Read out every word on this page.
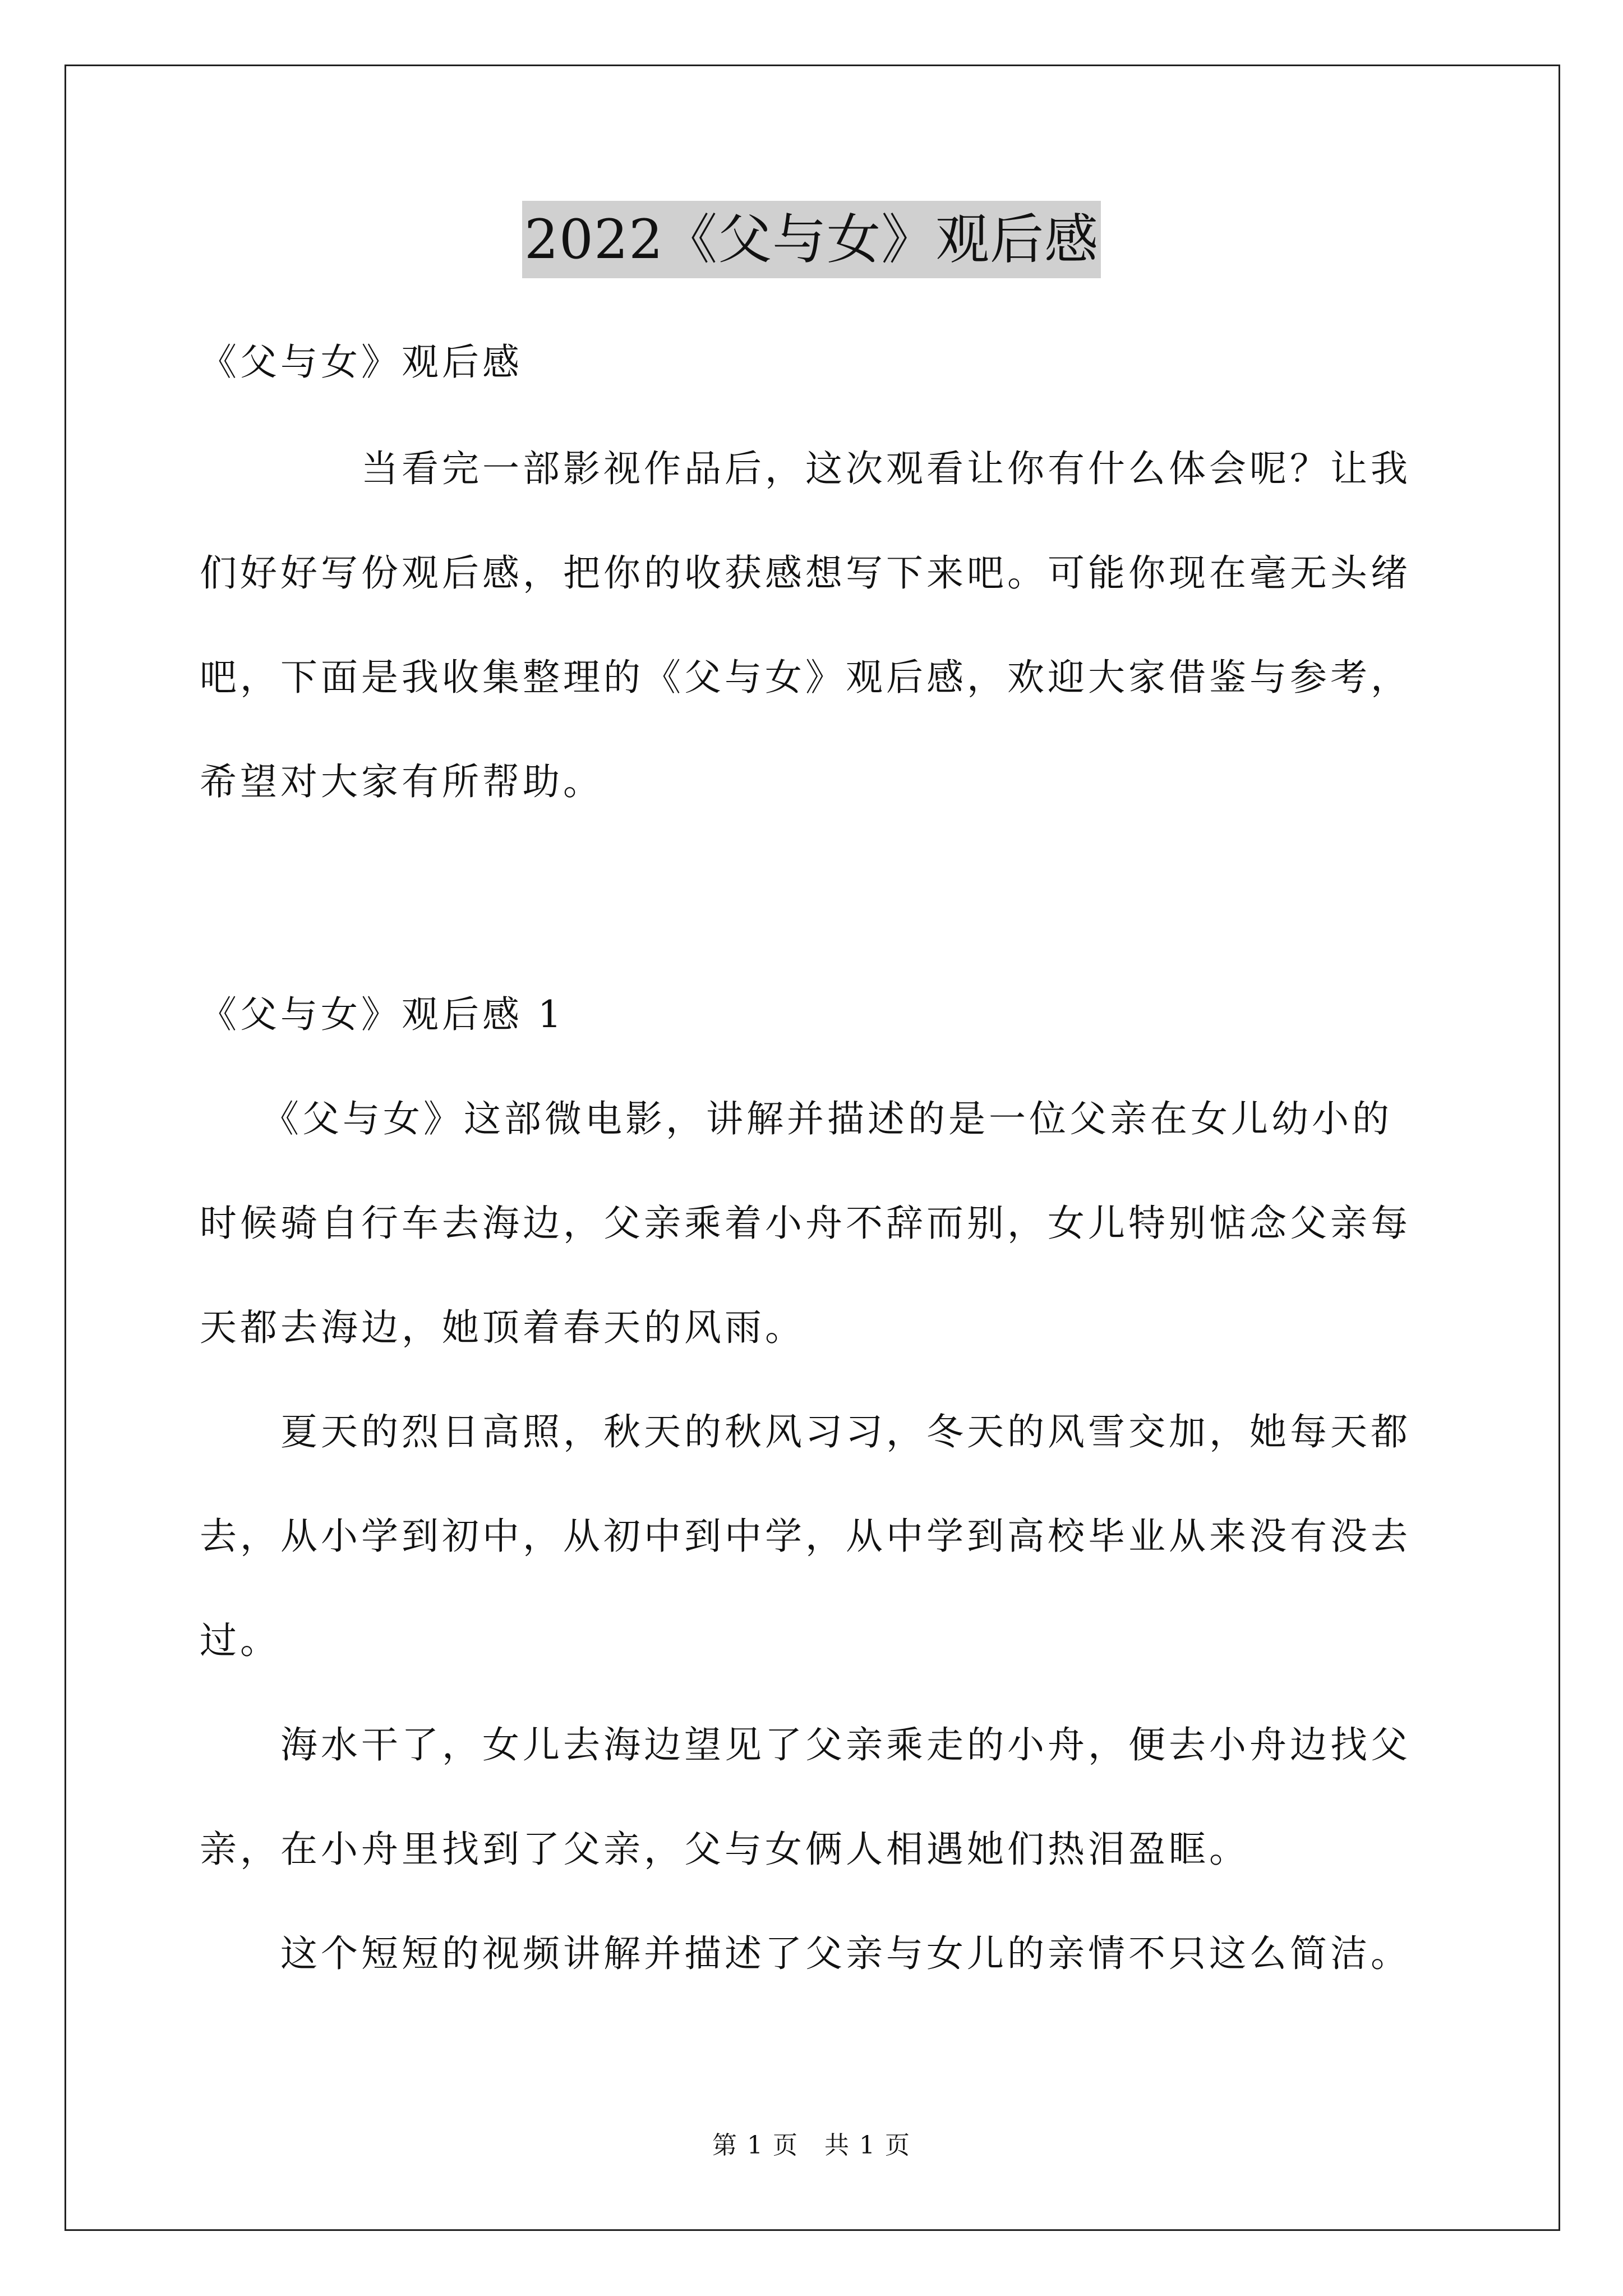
2022《父与女》观后感
《父与女》观后感
　　　　当看完一部影视作品后，这次观看让你有什么体会呢？让我
们好好写份观后感，把你的收获感想写下来吧。可能你现在毫无头绪
吧，下面是我收集整理的《父与女》观后感，欢迎大家借鉴与参考，
希望对大家有所帮助。
《父与女》观后感 1
　　《父与女》这部微电影，讲解并描述的是一位父亲在女儿幼小的
时候骑自行车去海边，父亲乘着小舟不辞而别，女儿特别惦念父亲每
天都去海边，她顶着春天的风雨。
　　夏天的烈日高照，秋天的秋风习习，冬天的风雪交加，她每天都
去，从小学到初中，从初中到中学，从中学到高校毕业从来没有没去
过。
　　海水干了，女儿去海边望见了父亲乘走的小舟，便去小舟边找父
亲，在小舟里找到了父亲，父与女俩人相遇她们热泪盈眶。
　　这个短短的视频讲解并描述了父亲与女儿的亲情不只这么简洁。
第 1 页　共 1 页
